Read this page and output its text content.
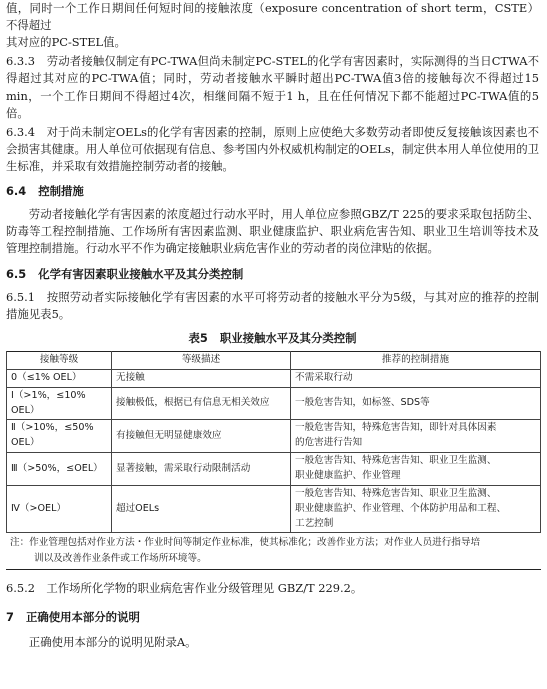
值，同时一个工作日期间任何短时间的接触浓度（exposure concentration of short term，CSTE）不得超过
其对应的PC-STEL值。

6.3.3　劳动者接触仅制定有PC-TWA但尚未制定PC-STEL的化学有害因素时，实际测得的当日CTWA不得超过其对应的PC-TWA值；同时，劳动者接触水平瞬时超出PC-TWA值3倍的接触每次不得超过15 min，一个工作日期间不得超过4次，相继间隔不短于1 h，且在任何情况下都不能超过PC-TWA值的5倍。

6.3.4　对于尚未制定OELs的化学有害因素的控制，原则上应使绝大多数劳动者即使反复接触该因素也不会损害其健康。用人单位可依据现有信息、参考国内外权威机构制定的OELs，制定供本用人单位使用的卫生标准，并采取有效措施控制劳动者的接触。

6.4 控制措施

劳动者接触化学有害因素的浓度超过行动水平时，用人单位应参照GBZ/T 225的要求采取包括防尘、防毒等工程控制措施、工作场所有害因素监测、职业健康监护、职业病危害告知、职业卫生培训等技术及管理控制措施。行动水平不作为确定接触职业病危害作业的劳动者的岗位津贴的依据。

6.5 化学有害因素职业接触水平及其分类控制

6.5.1　按照劳动者实际接触化学有害因素的水平可将劳动者的接触水平分为5级，与其对应的推荐的控制措施见表5。

表5 职业接触水平及其分类控制
接触等级	等级描述	推荐的控制措施
0（≤1% OEL）	无接触	不需采取行动
Ⅰ（>1%，≤10% OEL）	接触极低，根据已有信息无相关效应	一般危害告知，如标签、SDS等
Ⅱ（>10%，≤50% OEL）	有接触但无明显健康效应	一般危害告知，特殊危害告知，即针对具体因素
的危害进行告知
Ⅲ（>50%，≤OEL）	显著接触，需采取行动限制活动	一般危害告知、特殊危害告知、职业卫生监测、
职业健康监护、作业管理
Ⅳ（>OEL）	超过OELs	一般危害告知、特殊危害告知、职业卫生监测、
职业健康监护、作业管理、个体防护用品和工程、
工艺控制
注：作业管理包括对作业方法・作业时间等制定作业标准，使其标准化；改善作业方法；对作业人员进行指导培
训以及改善作业条件或工作场所环境等。

6.5.2　工作场所化学物的职业病危害作业分级管理见 GBZ/T 229.2。

7 正确使用本部分的说明

正确使用本部分的说明见附录A。
